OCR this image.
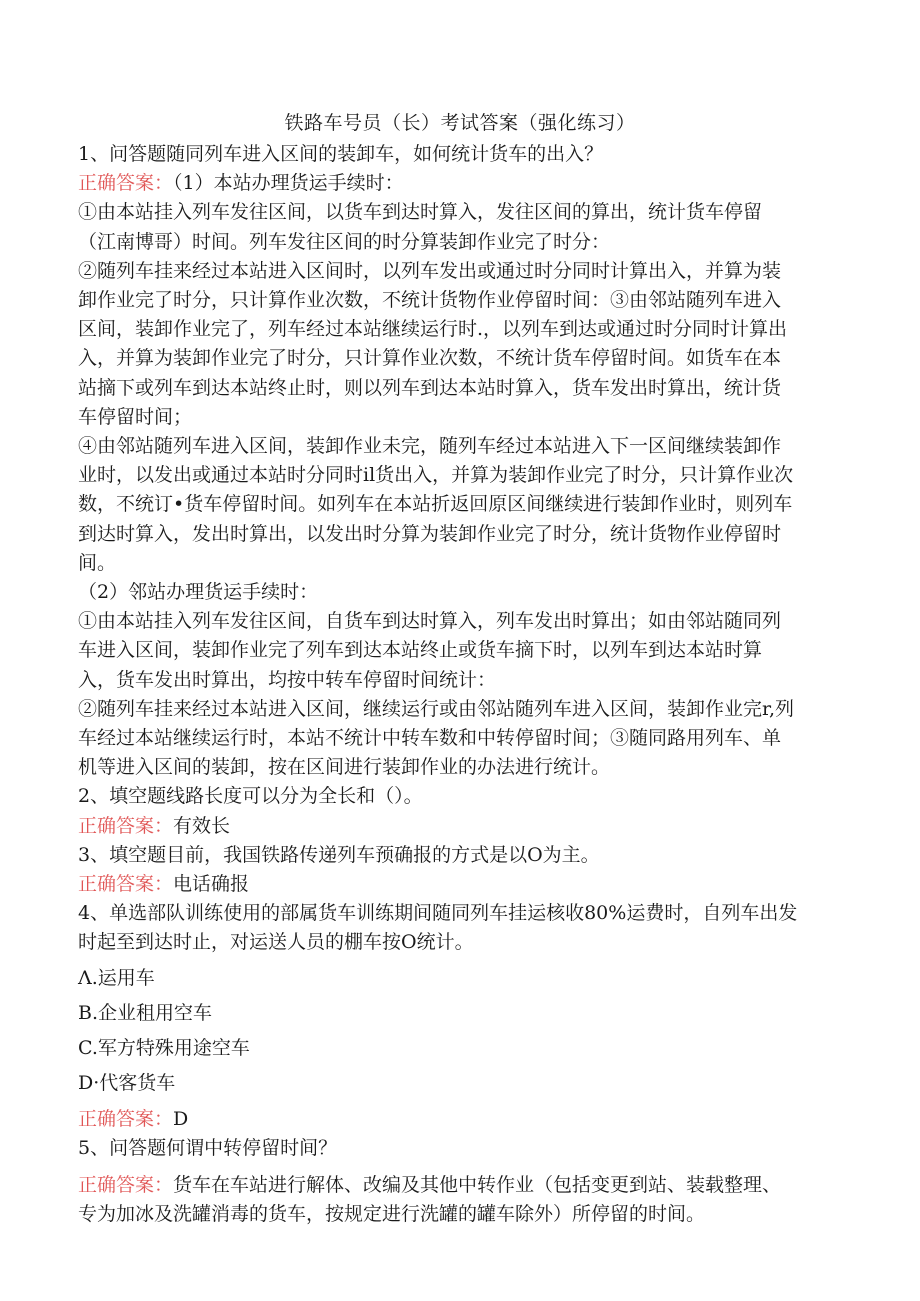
铁路车号员（长）考试答案（强化练习）
1、问答题随同列车进入区间的装卸车，如何统计货车的出入？
正确答案：（1）本站办理货运手续时：
①由本站挂入列车发往区间，以货车到达时算入，发往区间的算出，统计货车停留
（江南博哥）时间。列车发往区间的时分算装卸作业完了时分：
②随列车挂来经过本站进入区间时，以列车发出或通过时分同时计算出入，并算为装
卸作业完了时分，只计算作业次数，不统计货物作业停留时间：③由邻站随列车进入
区间，装卸作业完了，列车经过本站继续运行时.，以列车到达或通过时分同时计算出
入，并算为装卸作业完了时分，只计算作业次数，不统计货车停留时间。如货车在本
站摘下或列车到达本站终止时，则以列车到达本站时算入，货车发出时算出，统计货
车停留时间；
④由邻站随列车进入区间，装卸作业未完，随列车经过本站进入下一区间继续装卸作
业时，以发出或通过本站时分同时il货出入，并算为装卸作业完了时分，只计算作业次
数，不统订•货车停留时间。如列车在本站折返回原区间继续进行装卸作业时，则列车
到达时算入，发出时算出，以发出时分算为装卸作业完了时分，统计货物作业停留时
间。
（2）邻站办理货运手续时：
①由本站挂入列车发往区间，自货车到达时算入，列车发出时算出；如由邻站随同列
车进入区间，装卸作业完了列车到达本站终止或货车摘下时，以列车到达本站时算
入，货车发出时算出，均按中转车停留时间统计：
②随列车挂来经过本站进入区间，继续运行或由邻站随列车进入区间，装卸作业完r,列
车经过本站继续运行时，本站不统计中转车数和中转停留时间；③随同路用列车、单
机等进入区间的装卸，按在区间进行装卸作业的办法进行统计。
2、填空题线路长度可以分为全长和（）。
正确答案：有效长
3、填空题目前，我国铁路传递列车预确报的方式是以O为主。
正确答案：电话确报
4、单选部队训练使用的部属货车训练期间随同列车挂运核收80%运费时，自列车出发
时起至到达时止，对运送人员的棚车按O统计。
Λ.运用车
B.企业租用空车
C.军方特殊用途空车
D·代客货车
正确答案：D
5、问答题何谓中转停留时间？
正确答案：货车在车站进行解体、改编及其他中转作业（包括变更到站、装载整理、
专为加冰及洗罐消毒的货车，按规定进行洗罐的罐车除外）所停留的时间。
